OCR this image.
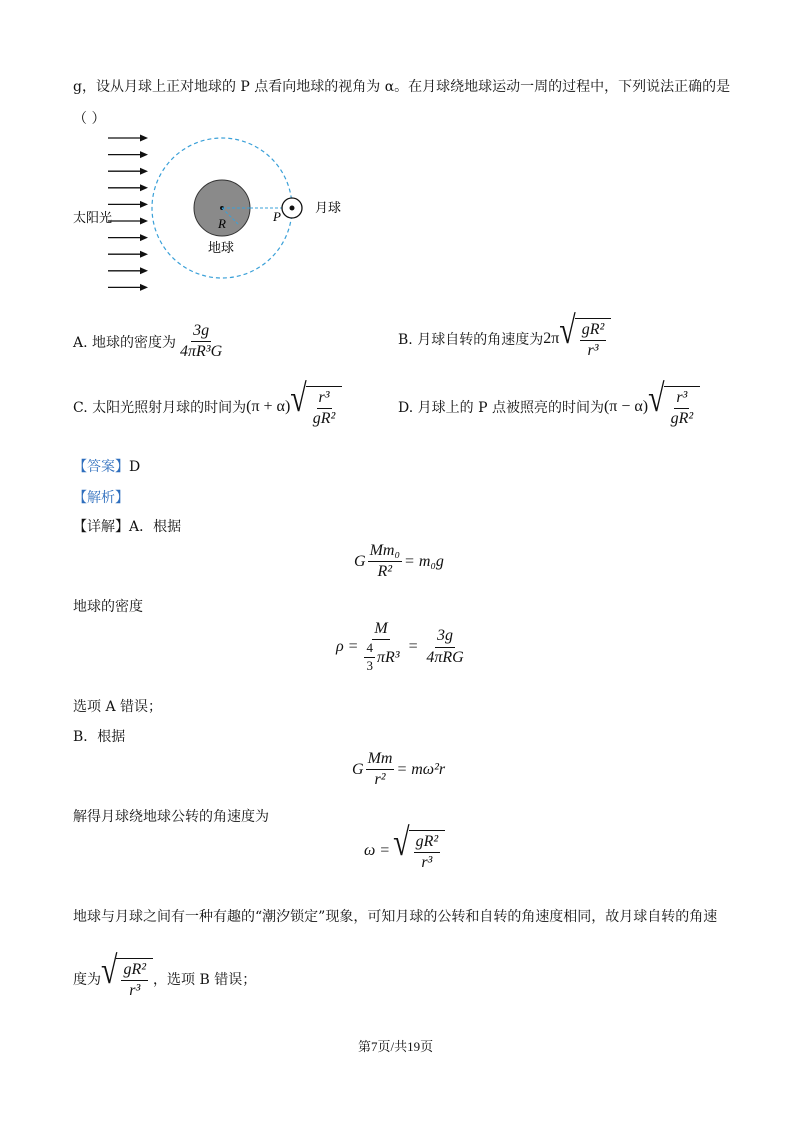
g，设从月球上正对地球的 P 点看向地球的视角为 α。在月球绕地球运动一周的过程中，下列说法正确的是
（ ）
R	P
地球
月球
太阳光
A. 地球的密度为 $\frac{3g}{\text{4πR³G}}$	B. 月球自转的角速度为 2π √ $\frac{\text{gR²}}{\text{r³}}$
C. 太阳光照射月球的时间为 (π + α) √ $\frac{\text{r³}}{\text{gR²}}$	D. 月球上的 P 点被照亮的时间为 (π − α) √ $\frac{\text{r³}}{\text{gR²}}$
【答案】D
【解析】
【详解】A．根据
G $\frac{\text{Mm₀}}{\text{R²}} = m_0g$
地球的密度
$\rho = \frac{M}{\frac{4}{3} \pi R^3} = \frac{3g}{\text{4πRG}}$
选项 A 错误；
B．根据
G $\frac{Mm}{\text{r²}} = m\omega^2r$
解得月球绕地球公转的角速度为
ω = √ $\frac{\text{gR²}}{\text{r³}}$
地球与月球之间有一种有趣的“潮汐锁定”现象，可知月球的公转和自转的角速度相同，故月球自转的角速
度为 √ $\frac{\text{gR²}}{\text{r³}}$ ，选项 B 错误；
第7页/共19页
